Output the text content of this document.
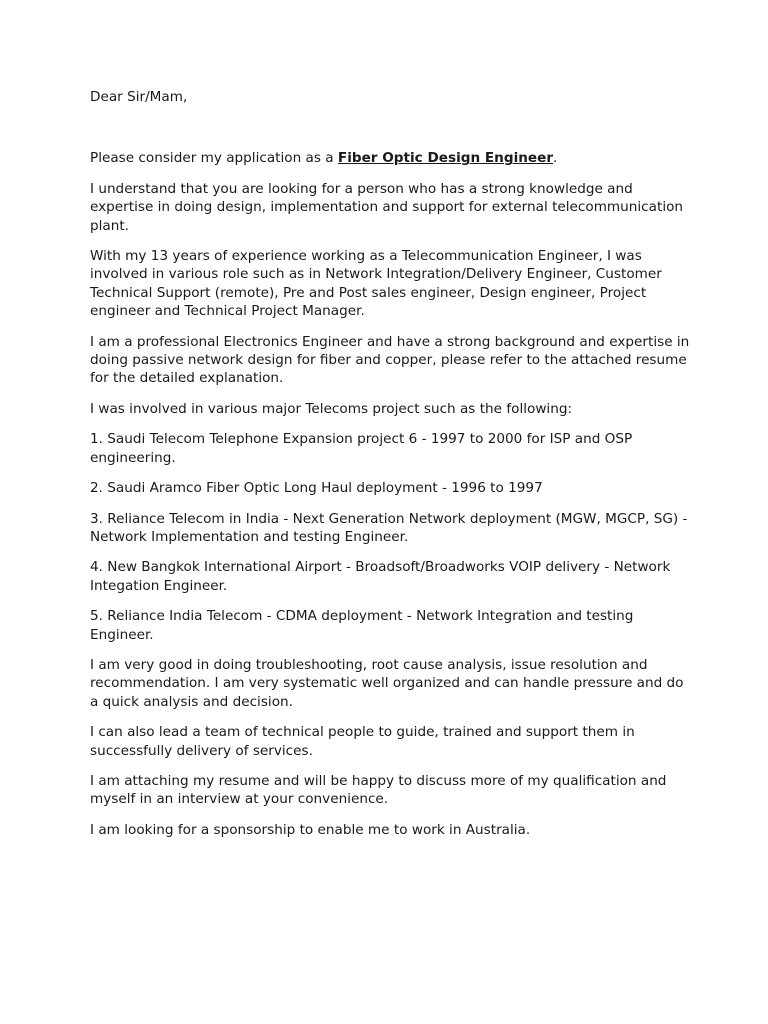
Dear Sir/Mam,

Please consider my application as a Fiber Optic Design Engineer.

I understand that you are looking for a person who has a strong knowledge and expertise in doing design, implementation and support for external telecommunication plant.

With my 13 years of experience working as a Telecommunication Engineer, I was involved in various role such as in Network Integration/Delivery Engineer, Customer Technical Support (remote), Pre and Post sales engineer, Design engineer, Project engineer and Technical Project Manager.

I am a professional Electronics Engineer and have a strong background and expertise in doing passive network design for fiber and copper, please refer to the attached resume for the detailed explanation.

I was involved in various major Telecoms project such as the following:

1. Saudi Telecom Telephone Expansion project 6 - 1997 to 2000 for ISP and OSP engineering.

2. Saudi Aramco Fiber Optic Long Haul deployment - 1996 to 1997

3. Reliance Telecom in India - Next Generation Network deployment (MGW, MGCP, SG) - Network Implementation and testing Engineer.

4. New Bangkok International Airport - Broadsoft/Broadworks VOIP delivery - Network Integation Engineer.

5. Reliance India Telecom - CDMA deployment - Network Integration and testing Engineer.

I am very good in doing troubleshooting, root cause analysis, issue resolution and recommendation. I am very systematic well organized and can handle pressure and do a quick analysis and decision.

I can also lead a team of technical people to guide, trained and support them in successfully delivery of services.

I am attaching my resume and will be happy to discuss more of my qualification and myself in an interview at your convenience.

I am looking for a sponsorship to enable me to work in Australia.
